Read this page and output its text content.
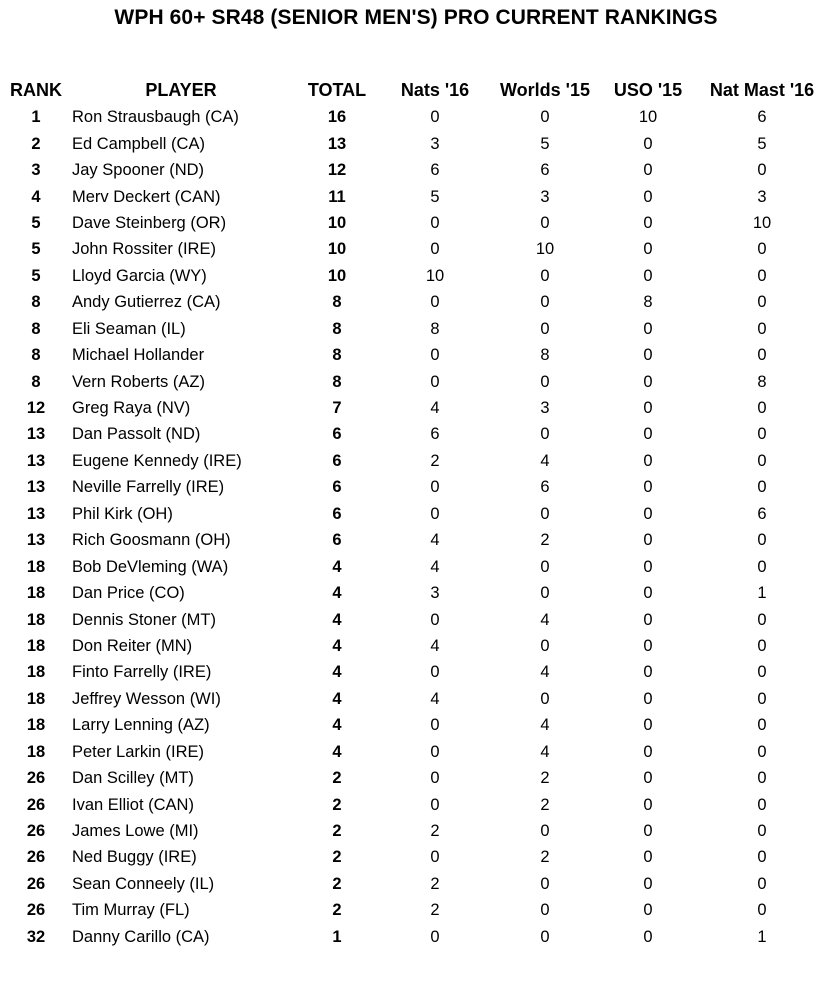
WPH 60+ SR48 (SENIOR MEN'S) PRO CURRENT RANKINGS
RANK	PLAYER	TOTAL	Nats '16	Worlds '15	USO '15	Nat Mast '16
1	Ron Strausbaugh (CA)	16	0	0	10	6
2	Ed Campbell (CA)	13	3	5	0	5
3	Jay Spooner (ND)	12	6	6	0	0
4	Merv Deckert (CAN)	11	5	3	0	3
5	Dave Steinberg (OR)	10	0	0	0	10
5	John Rossiter (IRE)	10	0	10	0	0
5	Lloyd Garcia (WY)	10	10	0	0	0
8	Andy Gutierrez (CA)	8	0	0	8	0
8	Eli Seaman (IL)	8	8	0	0	0
8	Michael Hollander	8	0	8	0	0
8	Vern Roberts (AZ)	8	0	0	0	8
12	Greg Raya (NV)	7	4	3	0	0
13	Dan Passolt (ND)	6	6	0	0	0
13	Eugene Kennedy (IRE)	6	2	4	0	0
13	Neville Farrelly (IRE)	6	0	6	0	0
13	Phil Kirk (OH)	6	0	0	0	6
13	Rich Goosmann (OH)	6	4	2	0	0
18	Bob DeVleming (WA)	4	4	0	0	0
18	Dan Price (CO)	4	3	0	0	1
18	Dennis Stoner (MT)	4	0	4	0	0
18	Don Reiter (MN)	4	4	0	0	0
18	Finto Farrelly (IRE)	4	0	4	0	0
18	Jeffrey Wesson (WI)	4	4	0	0	0
18	Larry Lenning (AZ)	4	0	4	0	0
18	Peter Larkin (IRE)	4	0	4	0	0
26	Dan Scilley (MT)	2	0	2	0	0
26	Ivan Elliot (CAN)	2	0	2	0	0
26	James Lowe (MI)	2	2	0	0	0
26	Ned Buggy (IRE)	2	0	2	0	0
26	Sean Conneely (IL)	2	2	0	0	0
26	Tim Murray (FL)	2	2	0	0	0
32	Danny Carillo (CA)	1	0	0	0	1
